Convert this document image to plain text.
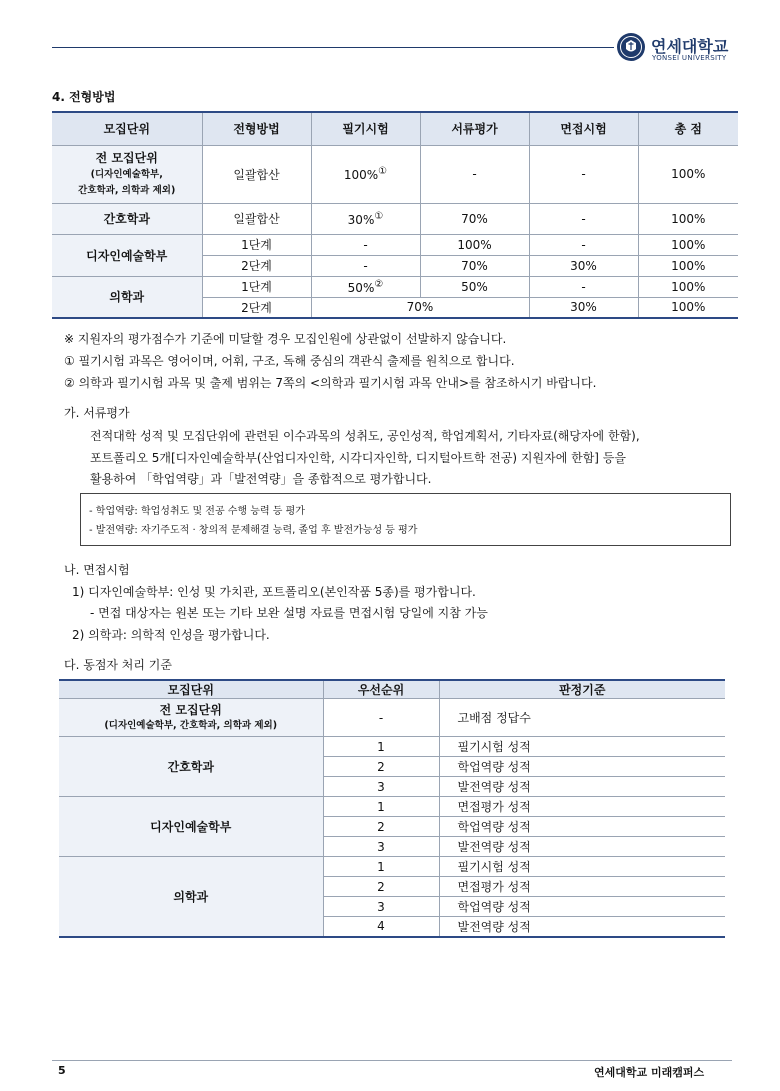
연세대학교
YONSEI UNIVERSITY
4. 전형방법
모집단위	전형방법	필기시험	서류평가	면접시험	총 점

전 모집단위
(디자인예술학부,
간호학과, 의학과 제외)	일괄합산	100%①	-	-	100%
간호학과	일괄합산	30%①	70%	-	100%
디자인예술학부	1단계	-	100%	-	100%
	2단계	-	70%	30%	100%
의학과	1단계	50%②	50%	-	100%
	2단계	70%		30%	100%
※ 지원자의 평가점수가 기준에 미달할 경우 모집인원에 상관없이 선발하지 않습니다.
① 필기시험 과목은 영어이며, 어휘, 구조, 독해 중심의 객관식 출제를 원칙으로 합니다.
② 의학과 필기시험 과목 및 출제 범위는 7쪽의 <의학과 필기시험 과목 안내>를 참조하시기 바랍니다.
가. 서류평가
전적대학 성적 및 모집단위에 관련된 이수과목의 성취도, 공인성적, 학업계획서, 기타자료(해당자에 한함),
포트폴리오 5개[디자인예술학부(산업디자인학, 시각디자인학, 디지털아트학 전공) 지원자에 한함] 등을
활용하여 「학업역량」과「발전역량」을 종합적으로 평가합니다.
- 학업역량: 학업성취도 및 전공 수행 능력 등 평가
- 발전역량: 자기주도적 · 창의적 문제해결 능력, 졸업 후 발전가능성 등 평가
나. 면접시험
1) 디자인예술학부: 인성 및 가치관, 포트폴리오(본인작품 5종)를 평가합니다.
- 면접 대상자는 원본 또는 기타 보완 설명 자료를 면접시험 당일에 지참 가능
2) 의학과: 의학적 인성을 평가합니다.
다. 동점자 처리 기준
모집단위	우선순위	판정기준

전 모집단위
(디자인예술학부, 간호학과, 의학과 제외)	-	고배점 정답수
간호학과	1	필기시험 성적
	2	학업역량 성적
	3	발전역량 성적
디자인예술학부	1	면접평가 성적
	2	학업역량 성적
	3	발전역량 성적
의학과	1	필기시험 성적
	2	면접평가 성적
	3	학업역량 성적
	4	발전역량 성적
5	연세대학교 미래캠퍼스
